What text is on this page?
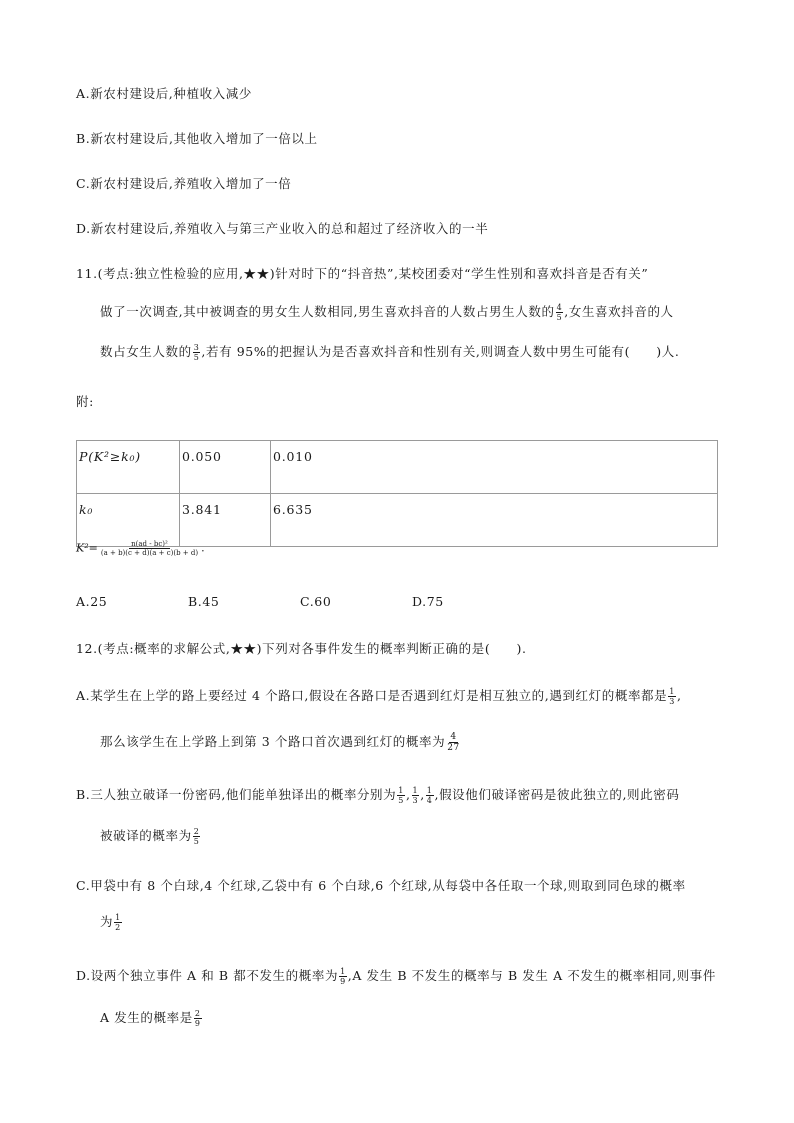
A.新农村建设后,种植收入减少
B.新农村建设后,其他收入增加了一倍以上
C.新农村建设后,养殖收入增加了一倍
D.新农村建设后,养殖收入与第三产业收入的总和超过了经济收入的一半
11.(考点:独立性检验的应用,★★)针对时下的“抖音热”,某校团委对“学生性别和喜欢抖音是否有关”
做了一次调查,其中被调查的男女生人数相同,男生喜欢抖音的人数占男生人数的 $\frac{4}{5}$ ,女生喜欢抖音的人
数占女生人数的 $\frac{3}{5}$ ,若有 95%的把握认为是否喜欢抖音和性别有关,则调查人数中男生可能有(  )人.
附:
P(K²≥k₀)	0.050	0.010
k₀	3.841	6.635
$K^2= \frac{\text{n(ad - bc)²}}{(a + b)(c + d)(a + c)(b + d)}$ .
A.25	B.45	C.60	D.75
12.(考点:概率的求解公式,★★)下列对各事件发生的概率判断正确的是(  ).
A.某学生在上学的路上要经过 4 个路口,假设在各路口是否遇到红灯是相互独立的,遇到红灯的概率都是 $\frac{1}{3}$ ,
那么该学生在上学路上到第 3 个路口首次遇到红灯的概率为 $\frac{4}{27}$
B.三人独立破译一份密码,他们能单独译出的概率分别为 $\frac{1}{5}$ , $\frac{1}{3}$ , $\frac{1}{4}$ ,假设他们破译密码是彼此独立的,则此密码
被破译的概率为 $\frac{2}{5}$
C.甲袋中有 8 个白球,4 个红球,乙袋中有 6 个白球,6 个红球,从每袋中各任取一个球,则取到同色球的概率
为 $\frac{1}{2}$
D.设两个独立事件 A 和 B 都不发生的概率为 $\frac{1}{9} ,A$ 发生 B 不发生的概率与 B 发生 A 不发生的概率相同,则事件
A 发生的概率是 $\frac{2}{9}$
